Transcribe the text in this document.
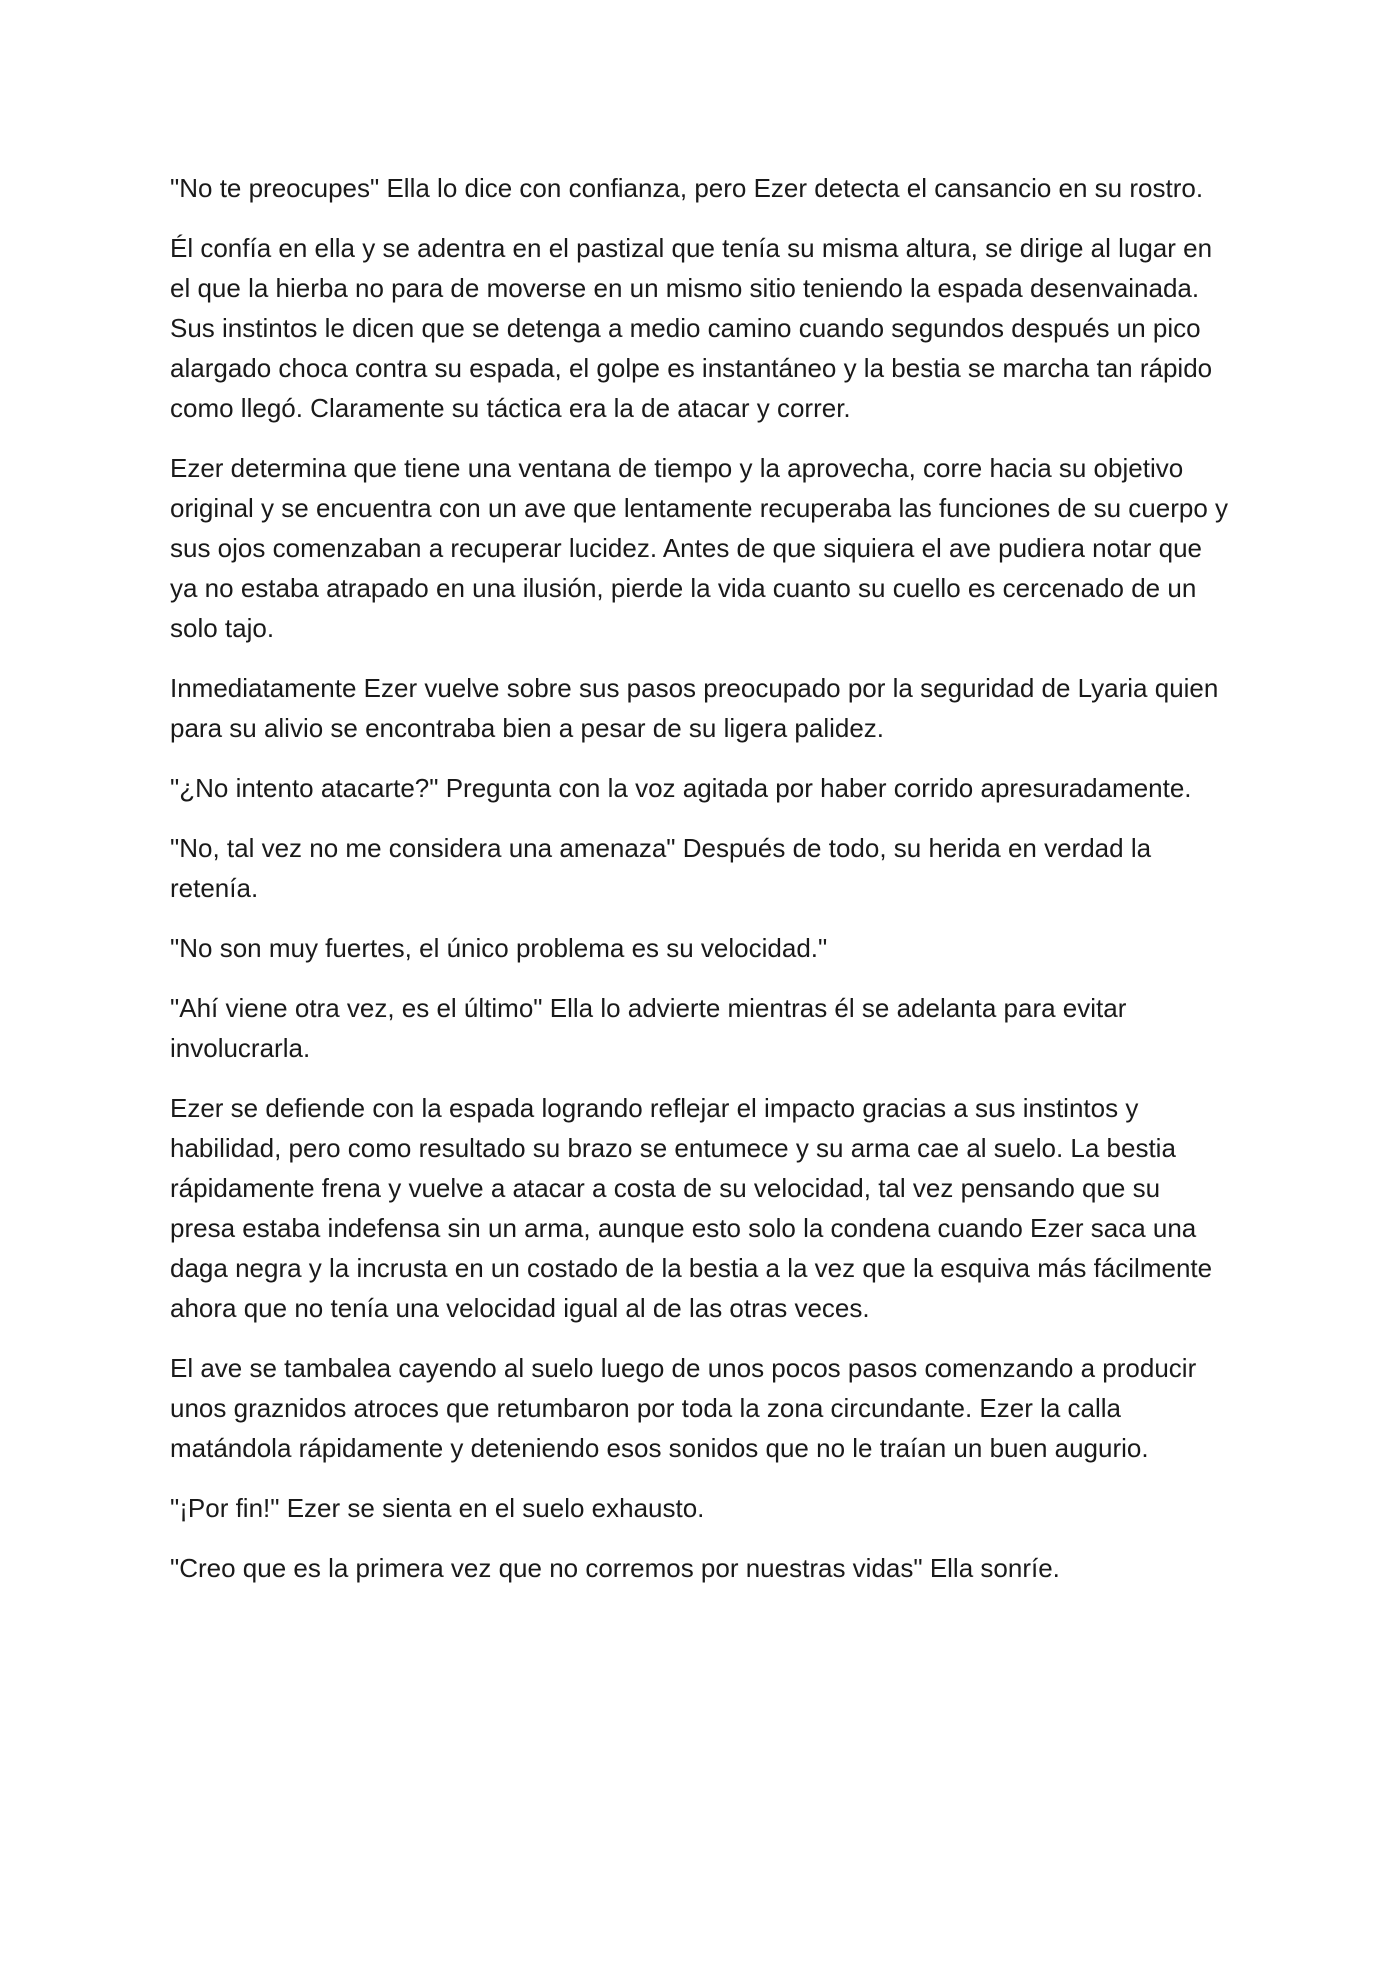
"No te preocupes" Ella lo dice con confianza, pero Ezer detecta el cansancio en su rostro.

Él confía en ella y se adentra en el pastizal que tenía su misma altura, se dirige al lugar en el que la hierba no para de moverse en un mismo sitio teniendo la espada desenvainada. Sus instintos le dicen que se detenga a medio camino cuando segundos después un pico alargado choca contra su espada, el golpe es instantáneo y la bestia se marcha tan rápido como llegó. Claramente su táctica era la de atacar y correr.

Ezer determina que tiene una ventana de tiempo y la aprovecha, corre hacia su objetivo original y se encuentra con un ave que lentamente recuperaba las funciones de su cuerpo y sus ojos comenzaban a recuperar lucidez. Antes de que siquiera el ave pudiera notar que ya no estaba atrapado en una ilusión, pierde la vida cuanto su cuello es cercenado de un solo tajo.

Inmediatamente Ezer vuelve sobre sus pasos preocupado por la seguridad de Lyaria quien para su alivio se encontraba bien a pesar de su ligera palidez.

"¿No intento atacarte?" Pregunta con la voz agitada por haber corrido apresuradamente.

"No, tal vez no me considera una amenaza" Después de todo, su herida en verdad la retenía.

"No son muy fuertes, el único problema es su velocidad."

"Ahí viene otra vez, es el último" Ella lo advierte mientras él se adelanta para evitar involucrarla.

Ezer se defiende con la espada logrando reflejar el impacto gracias a sus instintos y habilidad, pero como resultado su brazo se entumece y su arma cae al suelo. La bestia rápidamente frena y vuelve a atacar a costa de su velocidad, tal vez pensando que su presa estaba indefensa sin un arma, aunque esto solo la condena cuando Ezer saca una daga negra y la incrusta en un costado de la bestia a la vez que la esquiva más fácilmente ahora que no tenía una velocidad igual al de las otras veces.

El ave se tambalea cayendo al suelo luego de unos pocos pasos comenzando a producir unos graznidos atroces que retumbaron por toda la zona circundante. Ezer la calla matándola rápidamente y deteniendo esos sonidos que no le traían un buen augurio.

"¡Por fin!" Ezer se sienta en el suelo exhausto.

"Creo que es la primera vez que no corremos por nuestras vidas" Ella sonríe.
